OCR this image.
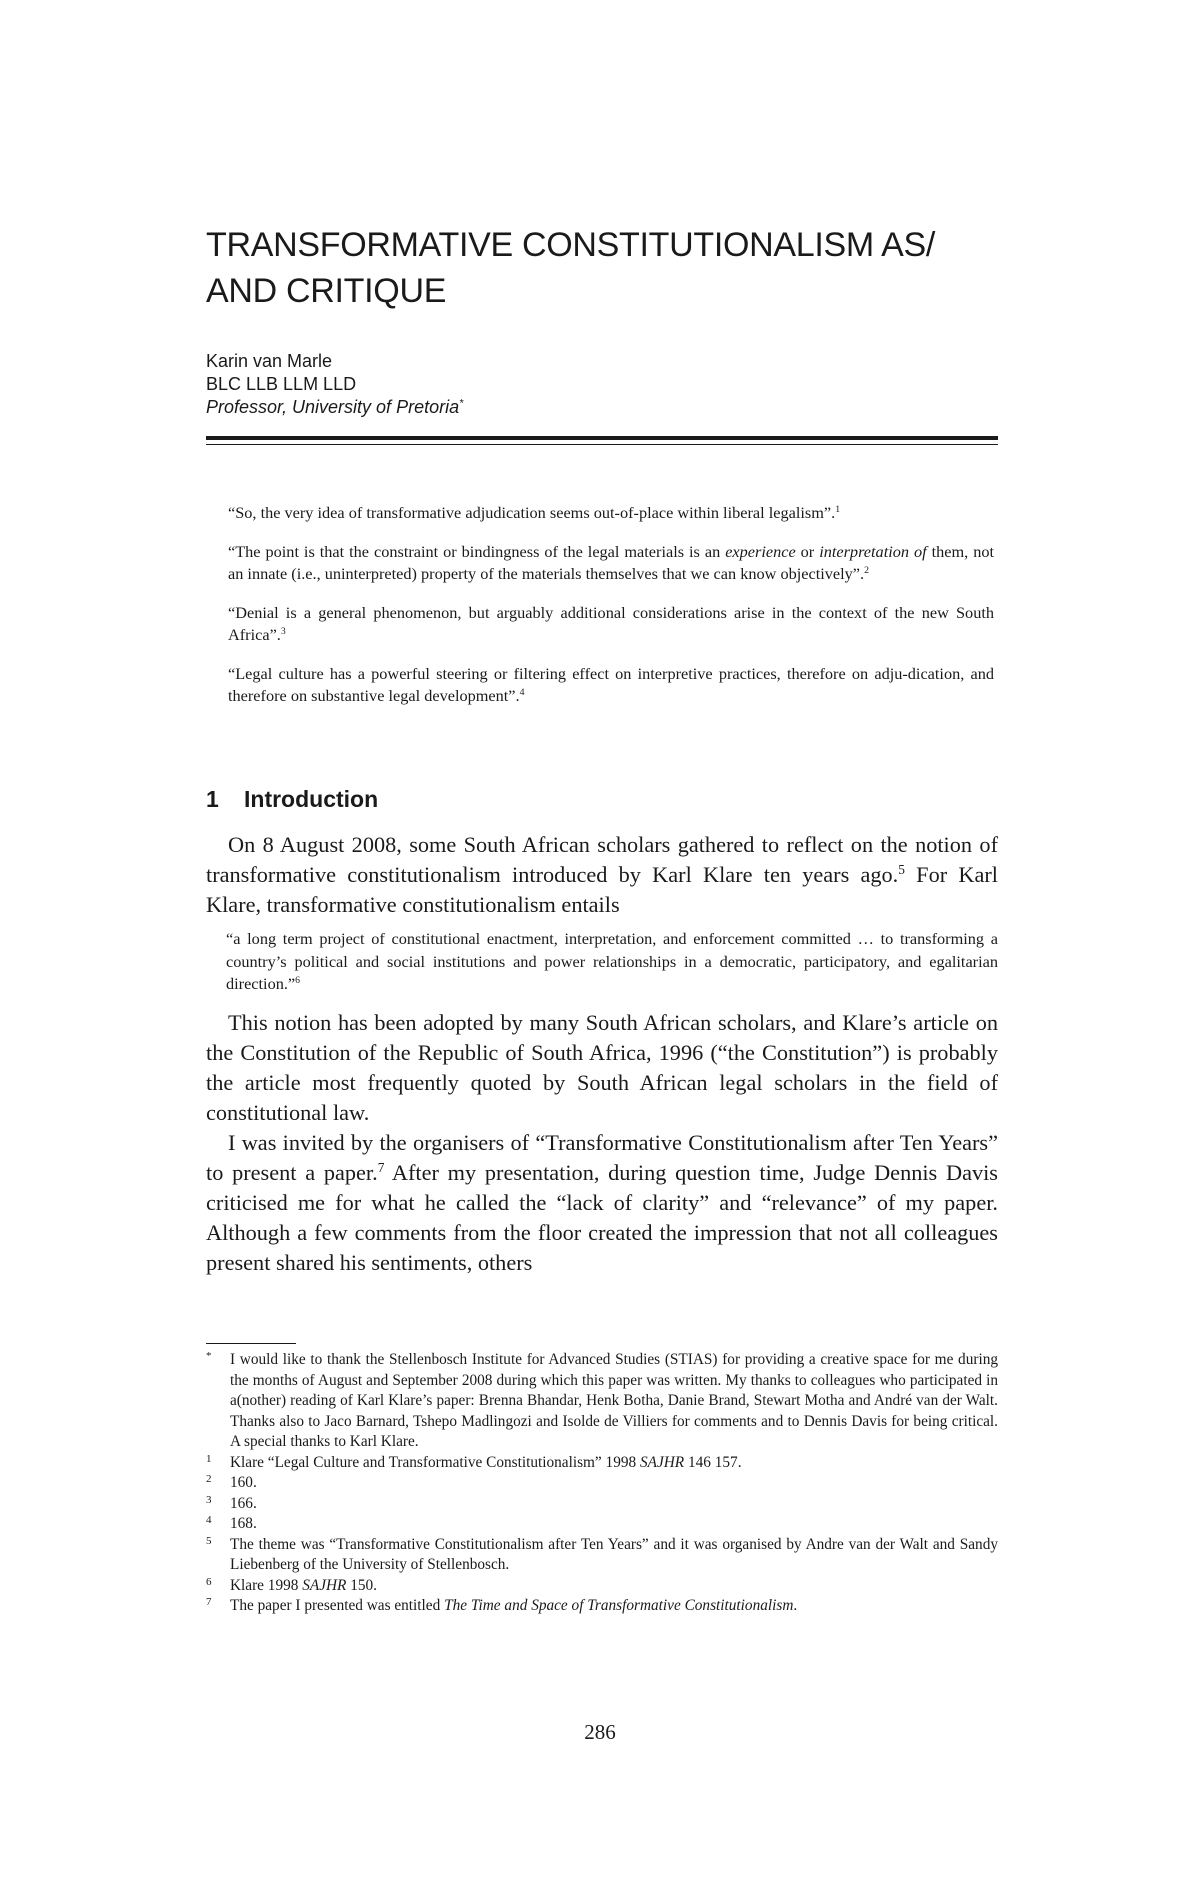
TRANSFORMATIVE CONSTITUTIONALISM AS/
AND CRITIQUE
Karin van Marle
BLC LLB LLM LLD
Professor, University of Pretoria*

“So, the very idea of transformative adjudication seems out-of-place within liberal legalism”.$^1$

“The point is that the constraint or bindingness of the legal materials is an experience or interpretation of them, not an innate (i.e., uninterpreted) property of the materials themselves that we can know objectively”.$^2$

“Denial is a general phenomenon, but arguably additional considerations arise in the context of the new South Africa”.$^3$

“Legal culture has a powerful steering or filtering effect on interpretive practices, therefore on adju-dication, and therefore on substantive legal development”.$^4$

1 Introduction

On 8 August 2008, some South African scholars gathered to reflect on the notion of transformative constitutionalism introduced by Karl Klare ten years ago.$^5$ For Karl Klare, transformative constitutionalism entails

“a long term project of constitutional enactment, interpretation, and enforcement committed … to transforming a country’s political and social institutions and power relationships in a democratic, participatory, and egalitarian direction.”$^6$

This notion has been adopted by many South African scholars, and Klare’s article on the Constitution of the Republic of South Africa, 1996 (“the Constitution”) is probably the article most frequently quoted by South African legal scholars in the field of constitutional law.

I was invited by the organisers of “Transformative Constitutionalism after Ten Years” to present a paper.$^7$ After my presentation, during question time, Judge Dennis Davis criticised me for what he called the “lack of clarity” and “relevance” of my paper. Although a few comments from the floor created the impression that not all colleagues present shared his sentiments, others

* I would like to thank the Stellenbosch Institute for Advanced Studies (STIAS) for providing a creative space for me during the months of August and September 2008 during which this paper was written. My thanks to colleagues who participated in a(nother) reading of Karl Klare’s paper: Brenna Bhandar, Henk Botha, Danie Brand, Stewart Motha and André van der Walt. Thanks also to Jaco Barnard, Tshepo Madlingozi and Isolde de Villiers for comments and to Dennis Davis for being critical. A special thanks to Karl Klare.
1 Klare “Legal Culture and Transformative Constitutionalism” 1998 SAJHR 146 157.
2 160.
3 166.
4 168.
5 The theme was “Transformative Constitutionalism after Ten Years” and it was organised by Andre van der Walt and Sandy Liebenberg of the University of Stellenbosch.
6 Klare 1998 SAJHR 150.
7 The paper I presented was entitled The Time and Space of Transformative Constitutionalism.
286
